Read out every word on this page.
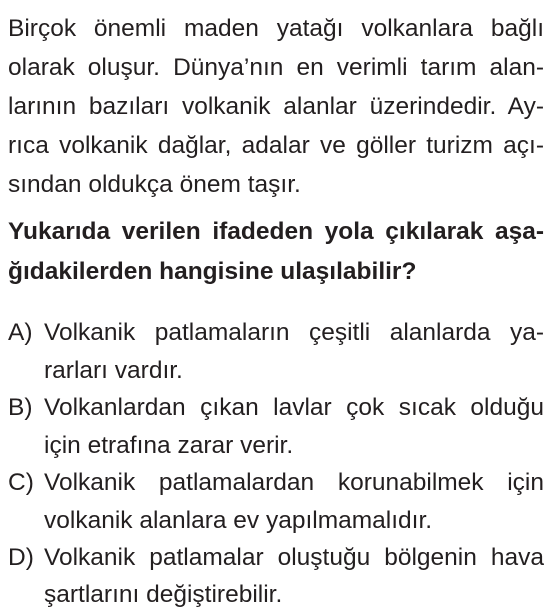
Birçok önemli maden yatağı volkanlara bağlı
olarak oluşur. Dünya’nın en verimli tarım alan-
larının bazıları volkanik alanlar üzerindedir. Ay-
rıca volkanik dağlar, adalar ve göller turizm açı-
sından oldukça önem taşır.
Yukarıda verilen ifadeden yola çıkılarak aşa-
ğıdakilerden hangisine ulaşılabilir?
A) Volkanik patlamaların çeşitli alanlarda ya-
rarları vardır.
B) Volkanlardan çıkan lavlar çok sıcak olduğu
için etrafına zarar verir.
C) Volkanik patlamalardan korunabilmek için
volkanik alanlara ev yapılmamalıdır.
D) Volkanik patlamalar oluştuğu bölgenin hava
şartlarını değiştirebilir.
